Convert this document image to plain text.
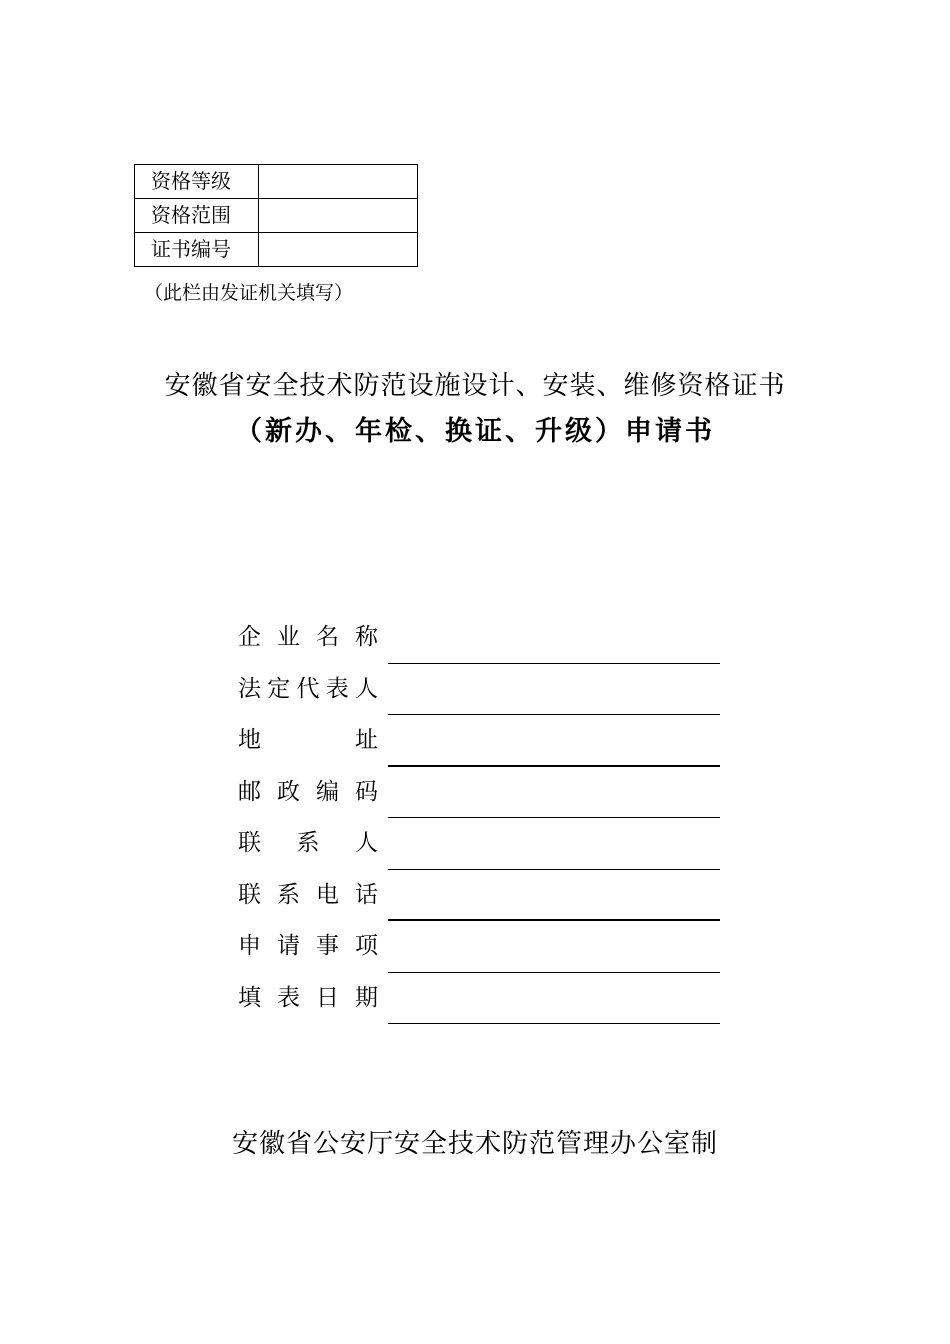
资格等级	
资格范围	
证书编号	
（此栏由发证机关填写）
安徽省安全技术防范设施设计、安装、维修资格证书
（新办、年检、换证、升级）申请书
企 业 名 称
法 定 代 表 人
地	址
邮 政 编 码
联 系 人
联 系 电 话
申 请 事 项
填 表 日 期
安徽省公安厅安全技术防范管理办公室制
